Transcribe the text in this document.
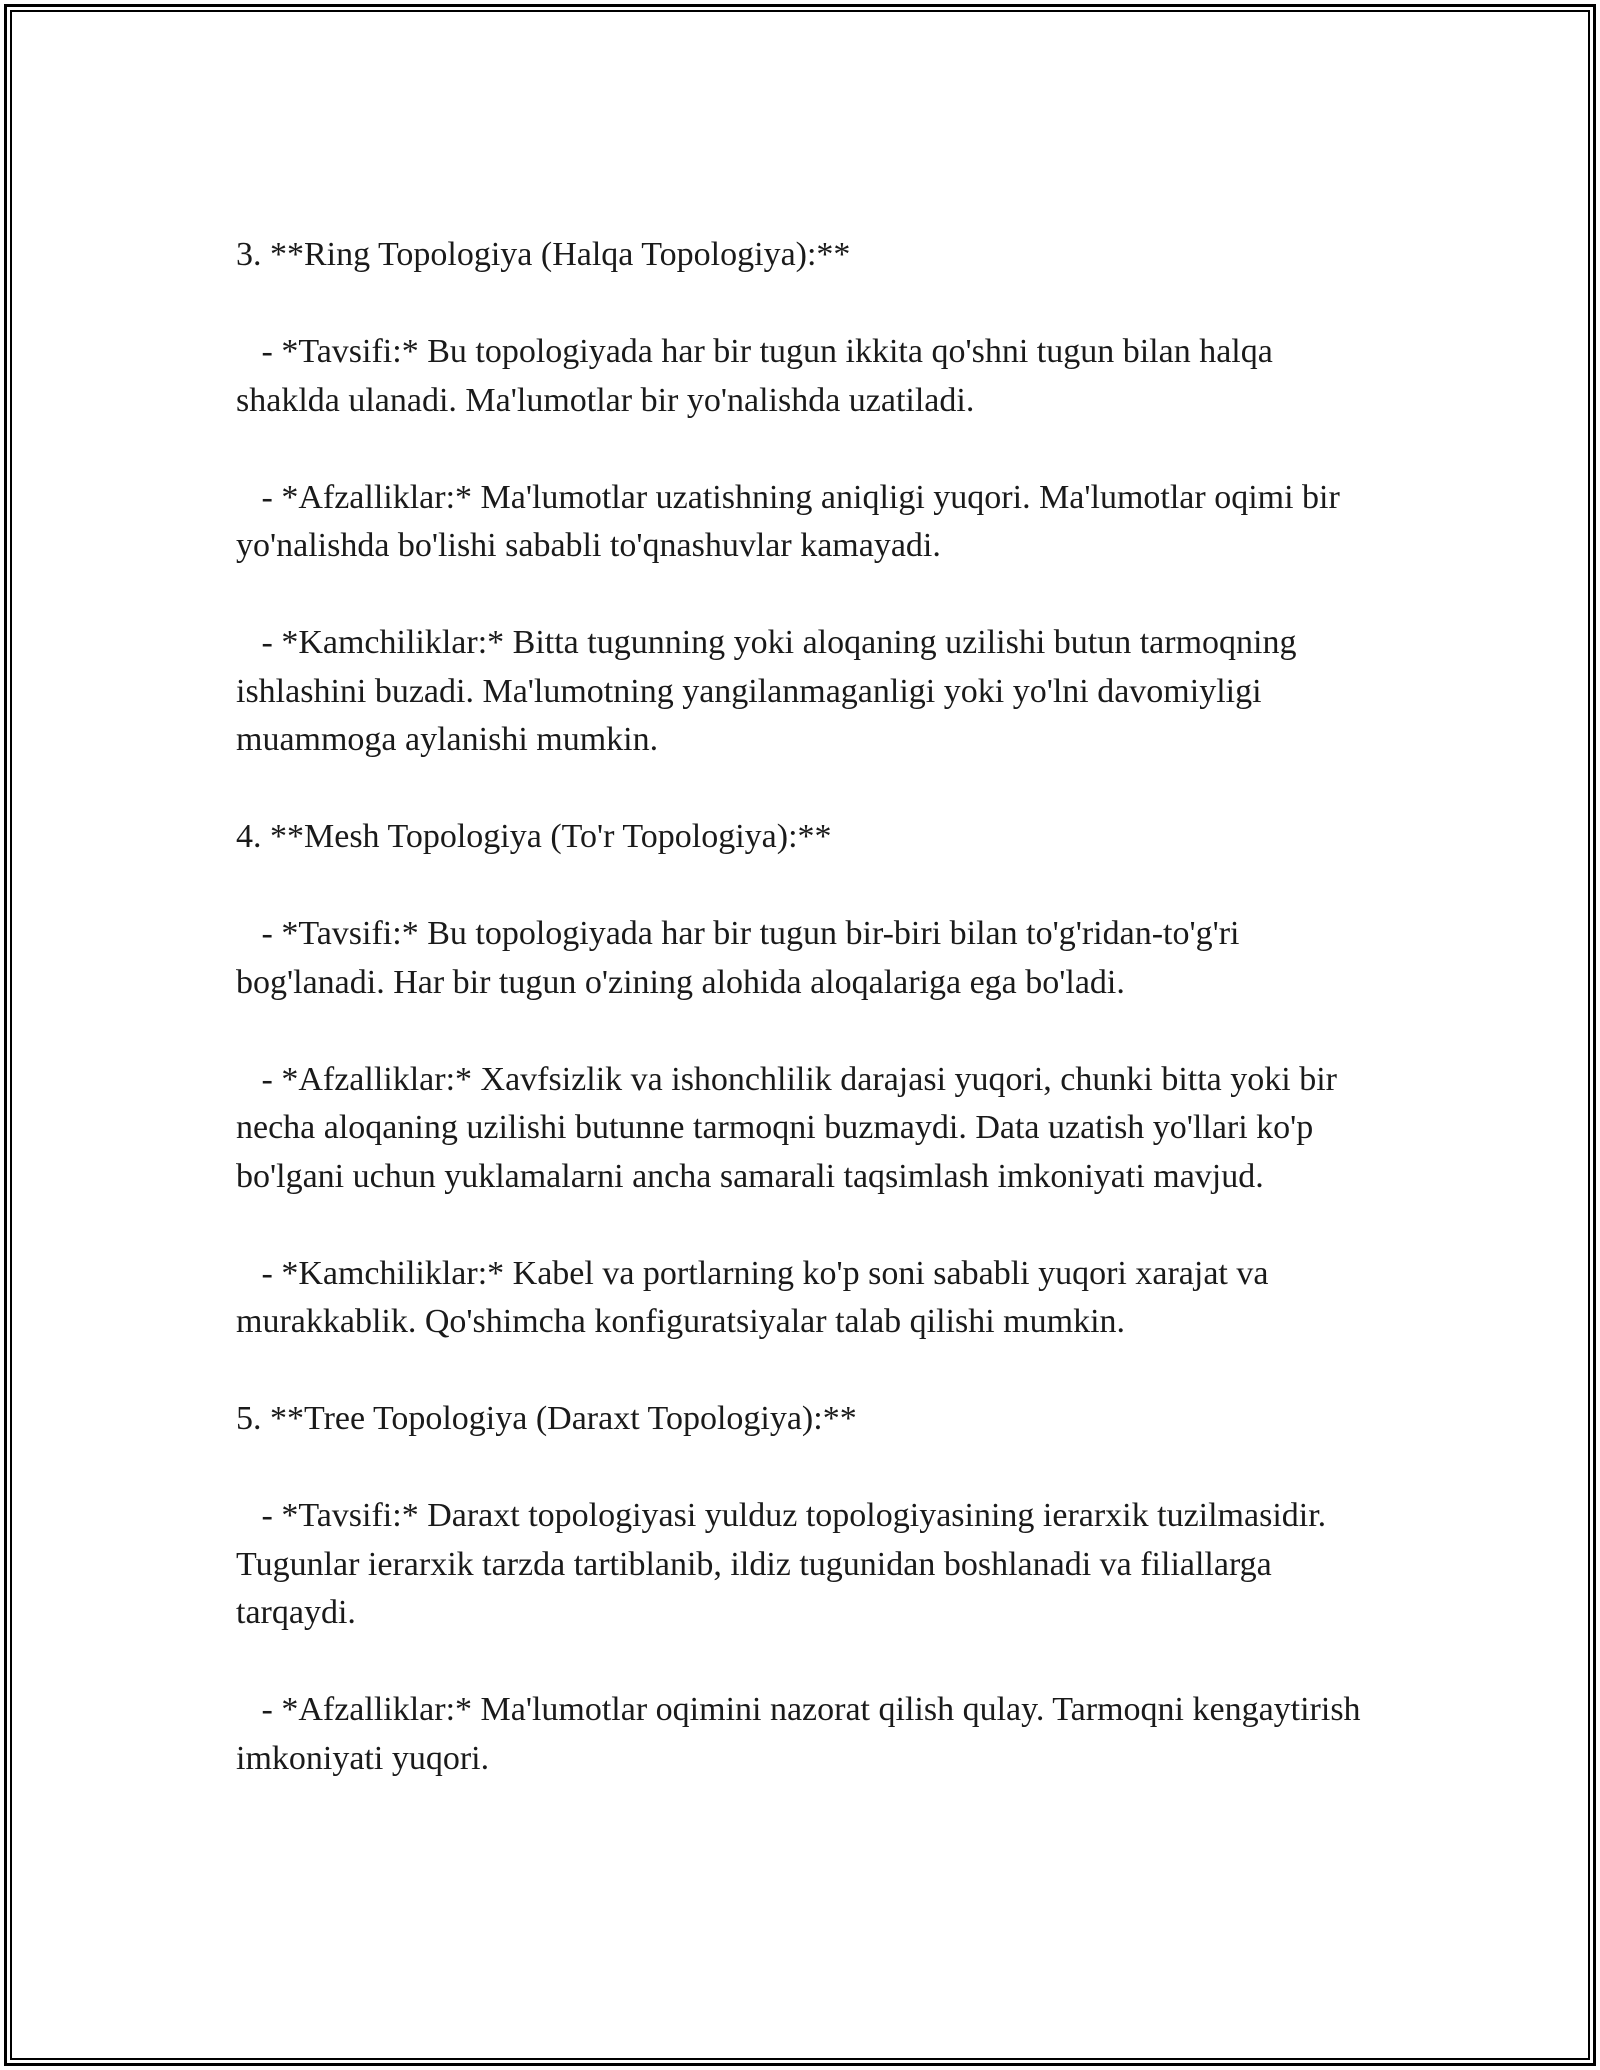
3. **Ring Topologiya (Halqa Topologiya):**

- *Tavsifi:* Bu topologiyada har bir tugun ikkita qo'shni tugun bilan halqa shaklda ulanadi. Ma'lumotlar bir yo'nalishda uzatiladi.

- *Afzalliklar:* Ma'lumotlar uzatishning aniqligi yuqori. Ma'lumotlar oqimi bir yo'nalishda bo'lishi sababli to'qnashuvlar kamayadi.

- *Kamchiliklar:* Bitta tugunning yoki aloqaning uzilishi butun tarmoqning ishlashini buzadi. Ma'lumotning yangilanmaganligi yoki yo'lni davomiyligi muammoga aylanishi mumkin.

4. **Mesh Topologiya (To'r Topologiya):**

- *Tavsifi:* Bu topologiyada har bir tugun bir-biri bilan to'g'ridan-to'g'ri bog'lanadi. Har bir tugun o'zining alohida aloqalariga ega bo'ladi.

- *Afzalliklar:* Xavfsizlik va ishonchlilik darajasi yuqori, chunki bitta yoki bir necha aloqaning uzilishi butunne tarmoqni buzmaydi. Data uzatish yo'llari ko'p bo'lgani uchun yuklamalarni ancha samarali taqsimlash imkoniyati mavjud.

- *Kamchiliklar:* Kabel va portlarning ko'p soni sababli yuqori xarajat va murakkablik. Qo'shimcha konfiguratsiyalar talab qilishi mumkin.

5. **Tree Topologiya (Daraxt Topologiya):**

- *Tavsifi:* Daraxt topologiyasi yulduz topologiyasining ierarxik tuzilmasidir. Tugunlar ierarxik tarzda tartiblanib, ildiz tugunidan boshlanadi va filiallarga tarqaydi.

- *Afzalliklar:* Ma'lumotlar oqimini nazorat qilish qulay. Tarmoqni kengaytirish imkoniyati yuqori.
